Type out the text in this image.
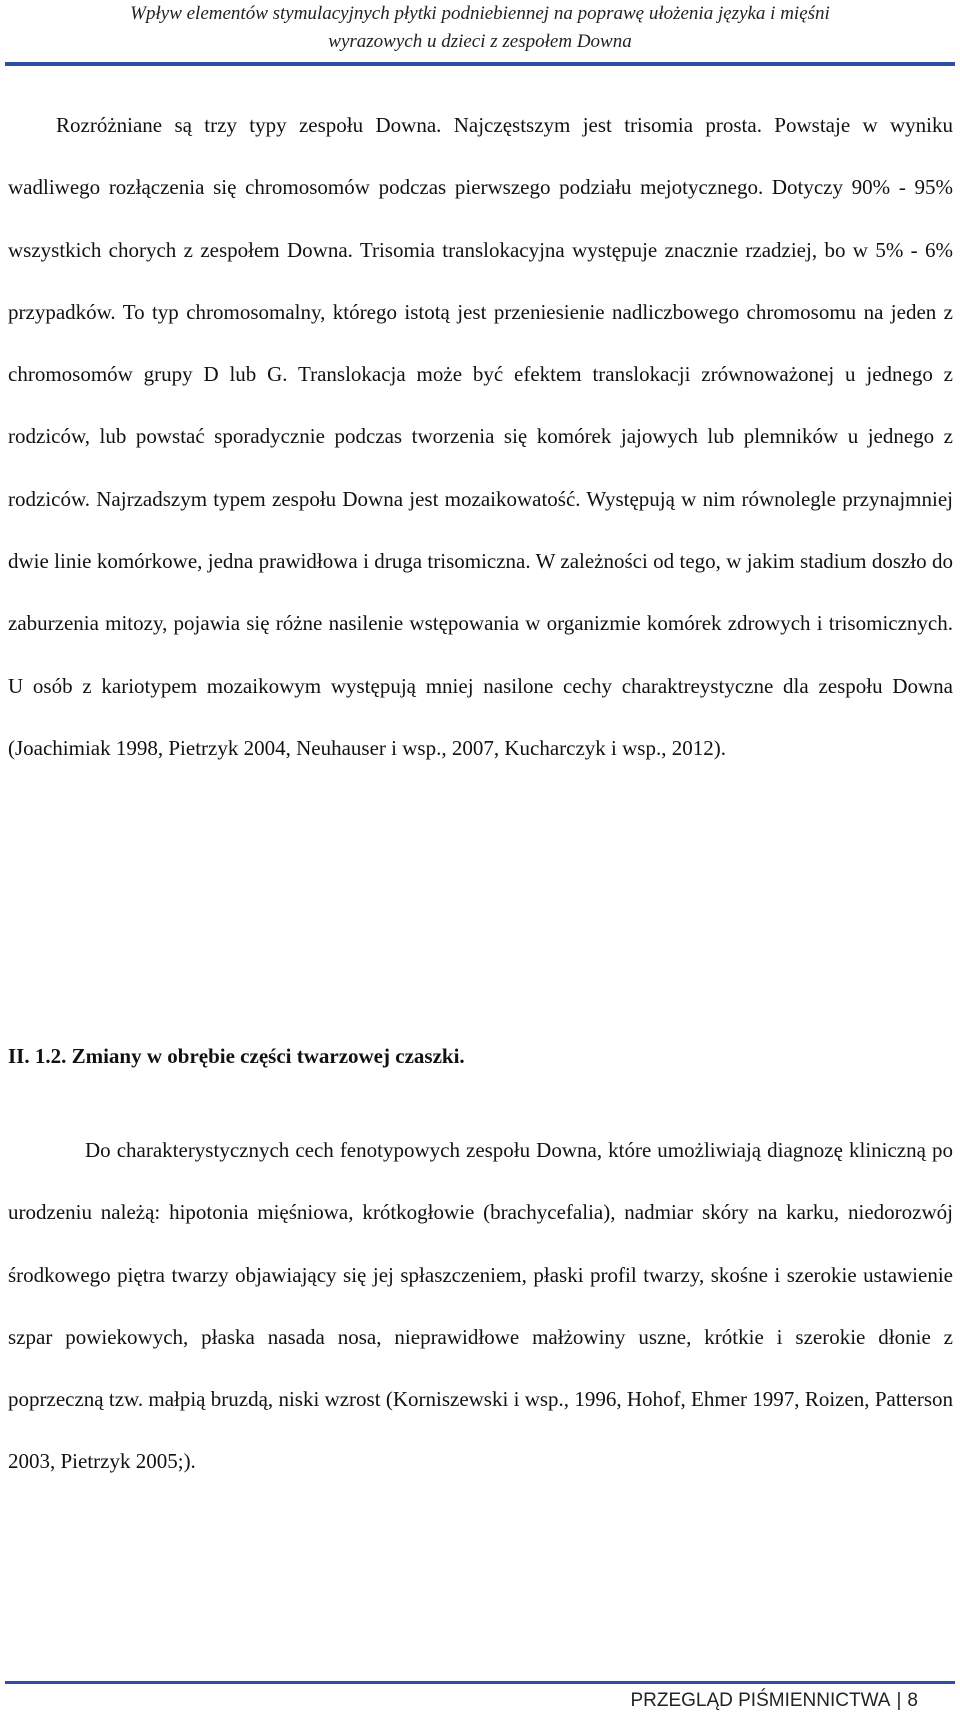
Wpływ elementów stymulacyjnych płytki podniebiennej na poprawę ułożenia języka i mięśni
wyrazowych u dzieci z zespołem Downa

Rozróżniane są trzy typy zespołu Downa. Najczęstszym jest trisomia prosta. Powstaje w wyniku wadliwego rozłączenia się chromosomów podczas pierwszego podziału mejotycznego. Dotyczy 90% - 95% wszystkich chorych z zespołem Downa. Trisomia translokacyjna występuje znacznie rzadziej, bo w 5% - 6% przypadków. To typ chromosomalny, którego istotą jest przeniesienie nadliczbowego chromosomu na jeden z chromosomów grupy D lub G. Translokacja może być efektem translokacji zrównoważonej u jednego z rodziców, lub powstać sporadycznie podczas tworzenia się komórek jajowych lub plemników u jednego z rodziców. Najrzadszym typem zespołu Downa jest mozaikowatość. Występują w nim równolegle przynajmniej dwie linie komórkowe, jedna prawidłowa i druga trisomiczna. W zależności od tego, w jakim stadium doszło do zaburzenia mitozy, pojawia się różne nasilenie wstępowania w organizmie komórek zdrowych i trisomicznych. U osób z kariotypem mozaikowym występują mniej nasilone cechy charaktreystyczne dla zespołu Downa (Joachimiak 1998, Pietrzyk 2004, Neuhauser i wsp., 2007, Kucharczyk i wsp., 2012).

II. 1.2. Zmiany w obrębie części twarzowej czaszki.

Do charakterystycznych cech fenotypowych zespołu Downa, które umożliwiają diagnozę kliniczną po urodzeniu należą: hipotonia mięśniowa, krótkogłowie (brachycefalia), nadmiar skóry na karku, niedorozwój środkowego piętra twarzy objawiający się jej spłaszczeniem, płaski profil twarzy, skośne i szerokie ustawienie szpar powiekowych, płaska nasada nosa, nieprawidłowe małżowiny uszne, krótkie i szerokie dłonie z poprzeczną tzw. małpią bruzdą, niski wzrost (Korniszewski i wsp., 1996, Hohof, Ehmer 1997, Roizen, Patterson 2003, Pietrzyk 2005;).

PRZEGLĄD PIŚMIENNICTWA | 8
